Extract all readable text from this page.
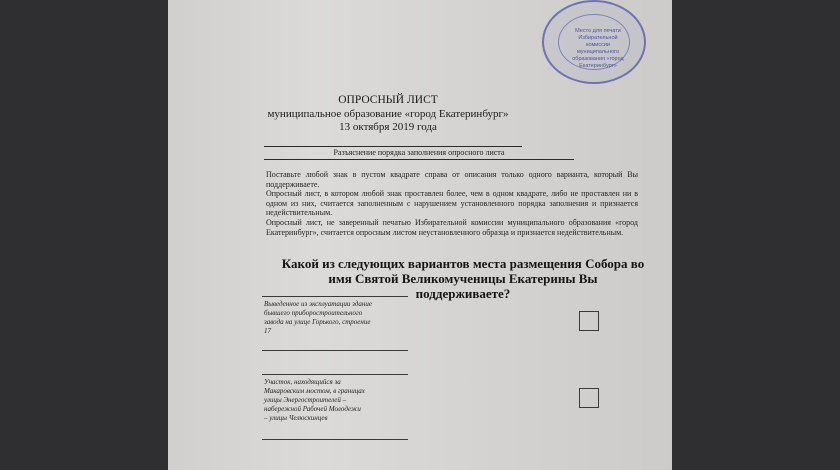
Место для печати Избирательной комиссии муниципального образования «город Екатеринбург»
ОПРОСНЫЙ ЛИСТ
муниципальное образование «город Екатеринбург»
13 октября 2019 года
Разъяснение порядка заполнения опросного листа

Поставьте любой знак в пустом квадрате справа от описания только одного варианта, который Вы поддерживаете.

Опросный лист, в котором любой знак проставлен более, чем в одном квадрате, либо не проставлен ни в одном из них, считается заполненным с нарушением установленного порядка заполнения и признается недействительным.

Опросный лист, не заверенный печатью Избирательной комиссии муниципального образования «город Екатеринбург», считается опросным листом неустановленного образца и признается недействительным.

Какой из следующих вариантов места размещения Собора во имя Святой Великомученицы Екатерины Вы поддерживаете?
Выведенное из эксплуатации здание бывшего приборостроительного завода на улице Горького, строение 17
Участок, находящийся за Макаровским мостом, в границах улицы Энергостроителей – набережной Рабочей Молодежи – улицы Челюскинцев
